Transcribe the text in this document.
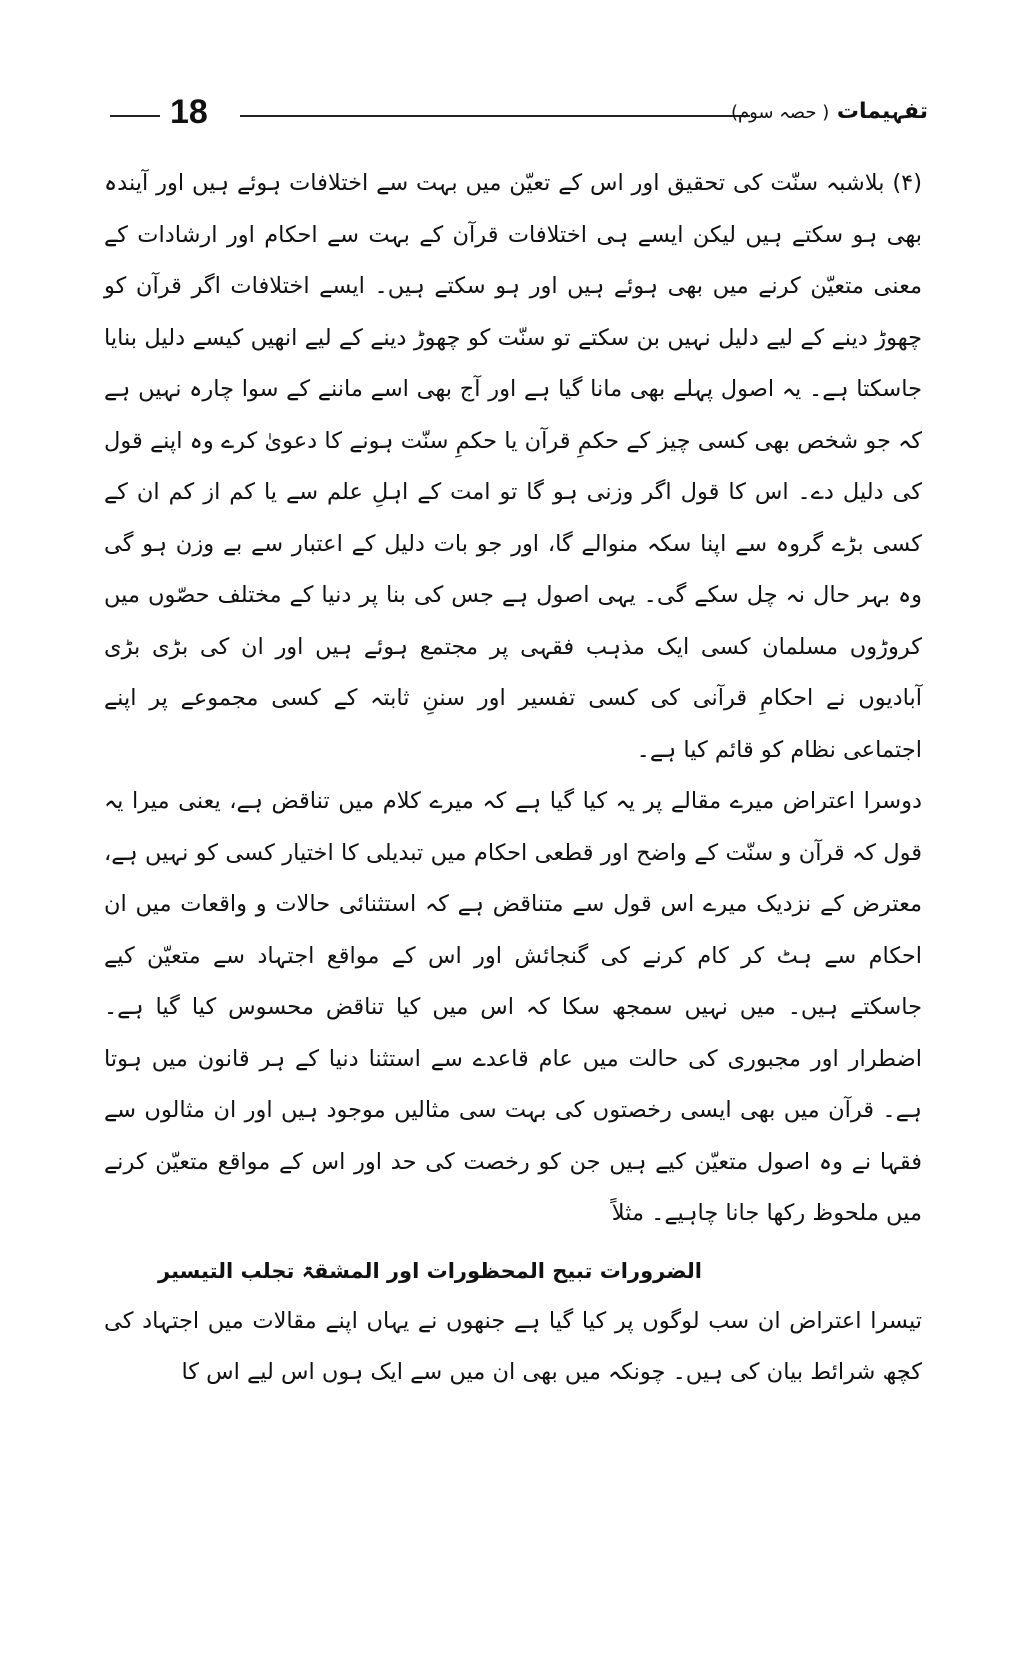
18	تفہیمات ( حصہ سوم)

(۴) بلاشبہ سنّت کی تحقیق اور اس کے تعیّن میں بہت سے اختلافات ہوئے ہیں اور آیندہ بھی ہو سکتے ہیں لیکن ایسے ہی اختلافات قرآن کے بہت سے احکام اور ارشادات کے معنی متعیّن کرنے میں بھی ہوئے ہیں اور ہو سکتے ہیں۔ ایسے اختلافات اگر قرآن کو چھوڑ دینے کے لیے دلیل نہیں بن سکتے تو سنّت کو چھوڑ دینے کے لیے انھیں کیسے دلیل بنایا جاسکتا ہے۔ یہ اصول پہلے بھی مانا گیا ہے اور آج بھی اسے ماننے کے سوا چارہ نہیں ہے کہ جو شخص بھی کسی چیز کے حکمِ قرآن یا حکمِ سنّت ہونے کا دعویٰ کرے وہ اپنے قول کی دلیل دے۔ اس کا قول اگر وزنی ہو گا تو امت کے اہلِ علم سے یا کم از کم ان کے کسی بڑے گروہ سے اپنا سکہ منوالے گا، اور جو بات دلیل کے اعتبار سے بے وزن ہو گی وہ بہر حال نہ چل سکے گی۔ یہی اصول ہے جس کی بنا پر دنیا کے مختلف حصّوں میں کروڑوں مسلمان کسی ایک مذہب فقہی پر مجتمع ہوئے ہیں اور ان کی بڑی بڑی آبادیوں نے احکامِ قرآنی کی کسی تفسیر اور سننِ ثابتہ کے کسی مجموعے پر اپنے اجتماعی نظام کو قائم کیا ہے۔

دوسرا اعتراض میرے مقالے پر یہ کیا گیا ہے کہ میرے کلام میں تناقض ہے، یعنی میرا یہ قول کہ قرآن و سنّت کے واضح اور قطعی احکام میں تبدیلی کا اختیار کسی کو نہیں ہے، معترض کے نزدیک میرے اس قول سے متناقض ہے کہ استثنائی حالات و واقعات میں ان احکام سے ہٹ کر کام کرنے کی گنجائش اور اس کے مواقع اجتہاد سے متعیّن کیے جاسکتے ہیں۔ میں نہیں سمجھ سکا کہ اس میں کیا تناقض محسوس کیا گیا ہے۔ اضطرار اور مجبوری کی حالت میں عام قاعدے سے استثنا دنیا کے ہر قانون میں ہوتا ہے۔ قرآن میں بھی ایسی رخصتوں کی بہت سی مثالیں موجود ہیں اور ان مثالوں سے فقہا نے وہ اصول متعیّن کیے ہیں جن کو رخصت کی حد اور اس کے مواقع متعیّن کرنے میں ملحوظ رکھا جانا چاہیے۔ مثلاً

الضرورات تبیح المحظورات اور المشقۃ تجلب التیسیر

تیسرا اعتراض ان سب لوگوں پر کیا گیا ہے جنھوں نے یہاں اپنے مقالات میں اجتہاد کی کچھ شرائط بیان کی ہیں۔ چونکہ میں بھی ان میں سے ایک ہوں اس لیے اس کا
